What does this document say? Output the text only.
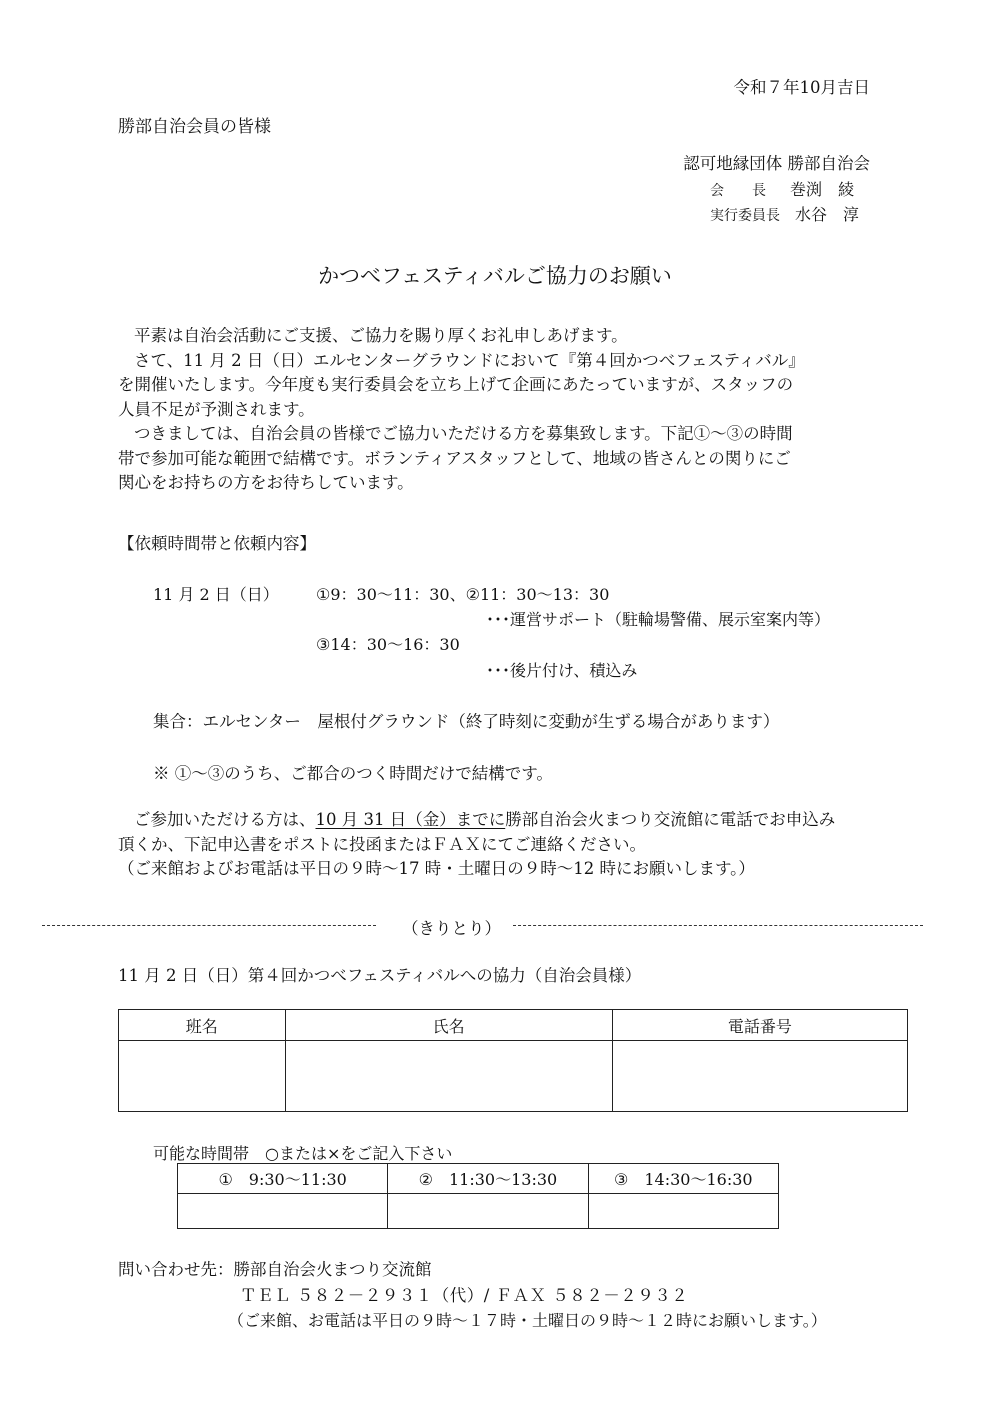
令和７年10月吉日
勝部自治会員の皆様
認可地縁団体 勝部自治会
会　　長 巻渕　綾
実行委員長 水谷　淳
かつべフェスティバルご協力のお願い
平素は自治会活動にご支援、ご協力を賜り厚くお礼申しあげます。
さて、11 月 2 日（日）エルセンターグラウンドにおいて『第４回かつべフェスティバル』
を開催いたします。今年度も実行委員会を立ち上げて企画にあたっていますが、スタッフの
人員不足が予測されます。
つきましては、自治会員の皆様でご協力いただける方を募集致します。下記①～③の時間
帯で参加可能な範囲で結構です。ボランティアスタッフとして、地域の皆さんとの関りにご
関心をお持ちの方をお待ちしています。
【依頼時間帯と依頼内容】
11 月 2 日（日） ①9：30～11：30、②11：30～13：30
･･･運営サポート（駐輪場警備、展示室案内等）
③14：30～16：30
･･･後片付け、積込み
集合：エルセンター　屋根付グラウンド（終了時刻に変動が生ずる場合があります）
※ ①～③のうち、ご都合のつく時間だけで結構です。
ご参加いただける方は、10 月 31 日（金）までに勝部自治会火まつり交流館に電話でお申込み
頂くか、下記申込書をポストに投函またはＦＡＸにてご連絡ください。
（ご来館およびお電話は平日の９時～17 時・土曜日の９時～12 時にお願いします。）
（きりとり）
11 月 2 日（日）第４回かつべフェスティバルへの協力（自治会員様）
班名	氏名	電話番号

可能な時間帯　○または×をご記入下さい
①　9:30～11:30	②　11:30～13:30	③　14:30～16:30

問い合わせ先：勝部自治会火まつり交流館
ＴＥＬ ５８２－２９３１（代）/ ＦＡＸ ５８２－２９３２
（ご来館、お電話は平日の９時～１７時・土曜日の９時～１２時にお願いします。）
